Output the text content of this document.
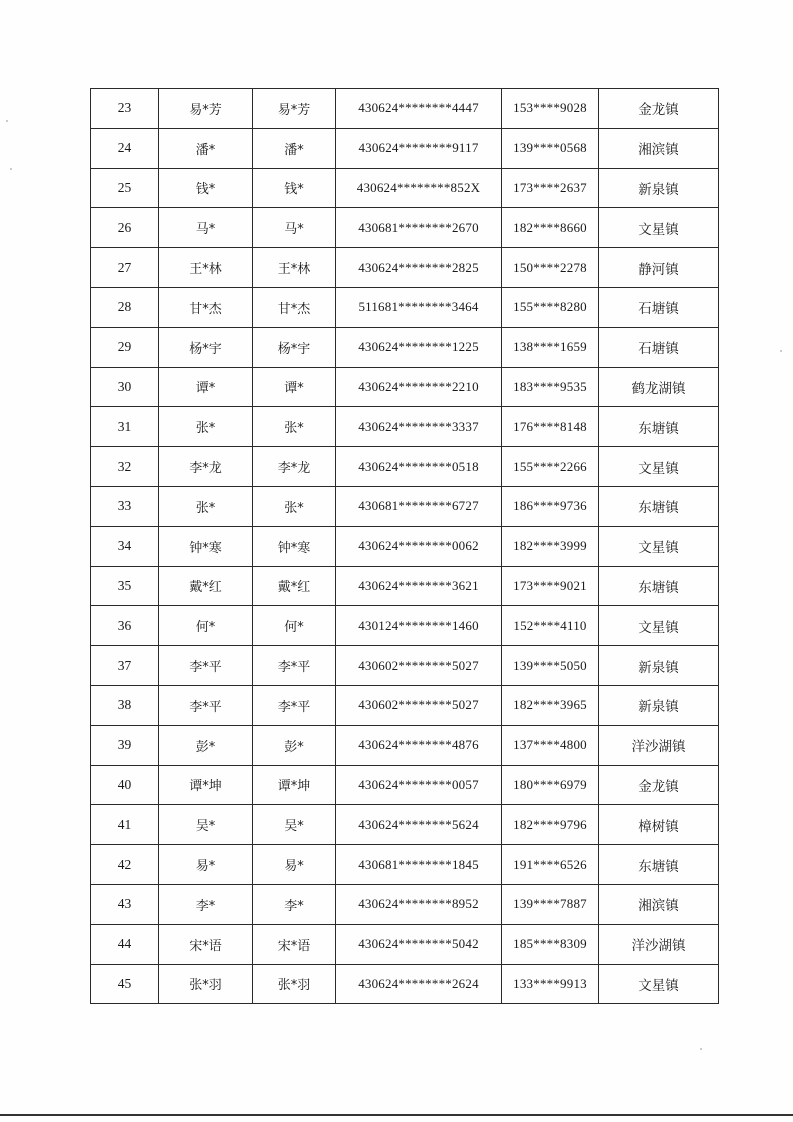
23	易*芳	易*芳	430624********4447	153****9028	金龙镇
24	潘*	潘*	430624********9117	139****0568	湘滨镇
25	钱*	钱*	430624********852X	173****2637	新泉镇
26	马*	马*	430681********2670	182****8660	文星镇
27	王*林	王*林	430624********2825	150****2278	静河镇
28	甘*杰	甘*杰	511681********3464	155****8280	石塘镇
29	杨*宇	杨*宇	430624********1225	138****1659	石塘镇
30	谭*	谭*	430624********2210	183****9535	鹤龙湖镇
31	张*	张*	430624********3337	176****8148	东塘镇
32	李*龙	李*龙	430624********0518	155****2266	文星镇
33	张*	张*	430681********6727	186****9736	东塘镇
34	钟*寒	钟*寒	430624********0062	182****3999	文星镇
35	戴*红	戴*红	430624********3621	173****9021	东塘镇
36	何*	何*	430124********1460	152****4110	文星镇
37	李*平	李*平	430602********5027	139****5050	新泉镇
38	李*平	李*平	430602********5027	182****3965	新泉镇
39	彭*	彭*	430624********4876	137****4800	洋沙湖镇
40	谭*坤	谭*坤	430624********0057	180****6979	金龙镇
41	吴*	吴*	430624********5624	182****9796	樟树镇
42	易*	易*	430681********1845	191****6526	东塘镇
43	李*	李*	430624********8952	139****7887	湘滨镇
44	宋*语	宋*语	430624********5042	185****8309	洋沙湖镇
45	张*羽	张*羽	430624********2624	133****9913	文星镇
